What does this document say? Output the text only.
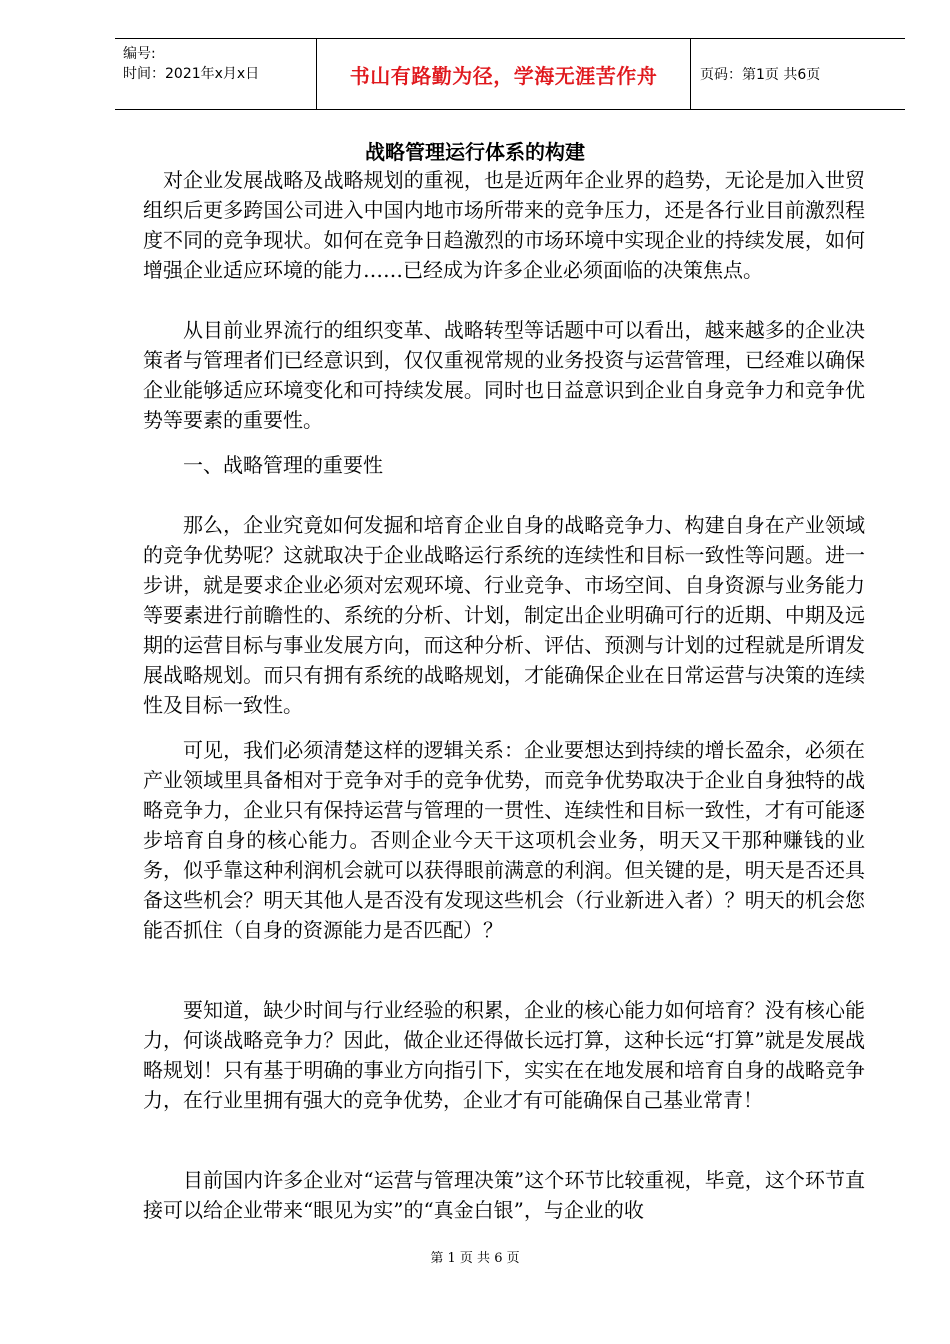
编号:
时间：2021年x月x日	书山有路勤为径，学海无涯苦作舟	页码：第1页 共6页
战略管理运行体系的构建

对企业发展战略及战略规划的重视，也是近两年企业界的趋势，无论是加入世贸组织后更多跨国公司进入中国内地市场所带来的竞争压力，还是各行业目前激烈程度不同的竞争现状。如何在竞争日趋激烈的市场环境中实现企业的持续发展，如何增强企业适应环境的能力……已经成为许多企业必须面临的决策焦点。

从目前业界流行的组织变革、战略转型等话题中可以看出，越来越多的企业决策者与管理者们已经意识到，仅仅重视常规的业务投资与运营管理，已经难以确保企业能够适应环境变化和可持续发展。同时也日益意识到企业自身竞争力和竞争优势等要素的重要性。

一、战略管理的重要性

那么，企业究竟如何发掘和培育企业自身的战略竞争力、构建自身在产业领域的竞争优势呢？这就取决于企业战略运行系统的连续性和目标一致性等问题。进一步讲，就是要求企业必须对宏观环境、行业竞争、市场空间、自身资源与业务能力等要素进行前瞻性的、系统的分析、计划，制定出企业明确可行的近期、中期及远期的运营目标与事业发展方向，而这种分析、评估、预测与计划的过程就是所谓发展战略规划。而只有拥有系统的战略规划，才能确保企业在日常运营与决策的连续性及目标一致性。

可见，我们必须清楚这样的逻辑关系：企业要想达到持续的增长盈余，必须在产业领域里具备相对于竞争对手的竞争优势，而竞争优势取决于企业自身独特的战略竞争力，企业只有保持运营与管理的一贯性、连续性和目标一致性，才有可能逐步培育自身的核心能力。否则企业今天干这项机会业务，明天又干那种赚钱的业务，似乎靠这种利润机会就可以获得眼前满意的利润。但关键的是，明天是否还具备这些机会？明天其他人是否没有发现这些机会（行业新进入者）？明天的机会您能否抓住（自身的资源能力是否匹配）？

要知道，缺少时间与行业经验的积累，企业的核心能力如何培育？没有核心能力，何谈战略竞争力？因此，做企业还得做长远打算，这种长远“打算”就是发展战略规划！只有基于明确的事业方向指引下，实实在在地发展和培育自身的战略竞争力，在行业里拥有强大的竞争优势，企业才有可能确保自己基业常青！

目前国内许多企业对“运营与管理决策”这个环节比较重视，毕竟，这个环节直接可以给企业带来“眼见为实”的“真金白银”，与企业的收

第 1 页 共 6 页
